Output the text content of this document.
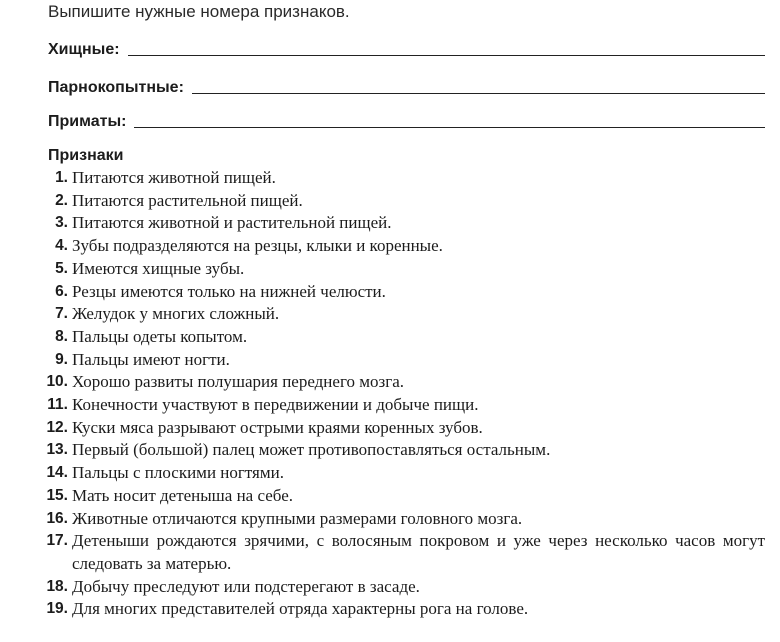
Выпишите нужные номера признаков.
Хищные:
Парнокопытные:
Приматы:
Признаки
1. Питаются животной пищей.
2. Питаются растительной пищей.
3. Питаются животной и растительной пищей.
4. Зубы подразделяются на резцы, клыки и коренные.
5. Имеются хищные зубы.
6. Резцы имеются только на нижней челюсти.
7. Желудок у многих сложный.
8. Пальцы одеты копытом.
9. Пальцы имеют ногти.
10. Хорошо развиты полушария переднего мозга.
11. Конечности участвуют в передвижении и добыче пищи.
12. Куски мяса разрывают острыми краями коренных зубов.
13. Первый (большой) палец может противопоставляться остальным.
14. Пальцы с плоскими ногтями.
15. Мать носит детеныша на себе.
16. Животные отличаются крупными размерами головного мозга.
17. Детеныши рождаются зрячими, с волосяным покровом и уже через несколько часов могут следовать за матерью.
18. Добычу преследуют или подстерегают в засаде.
19. Для многих представителей отряда характерны рога на голове.
